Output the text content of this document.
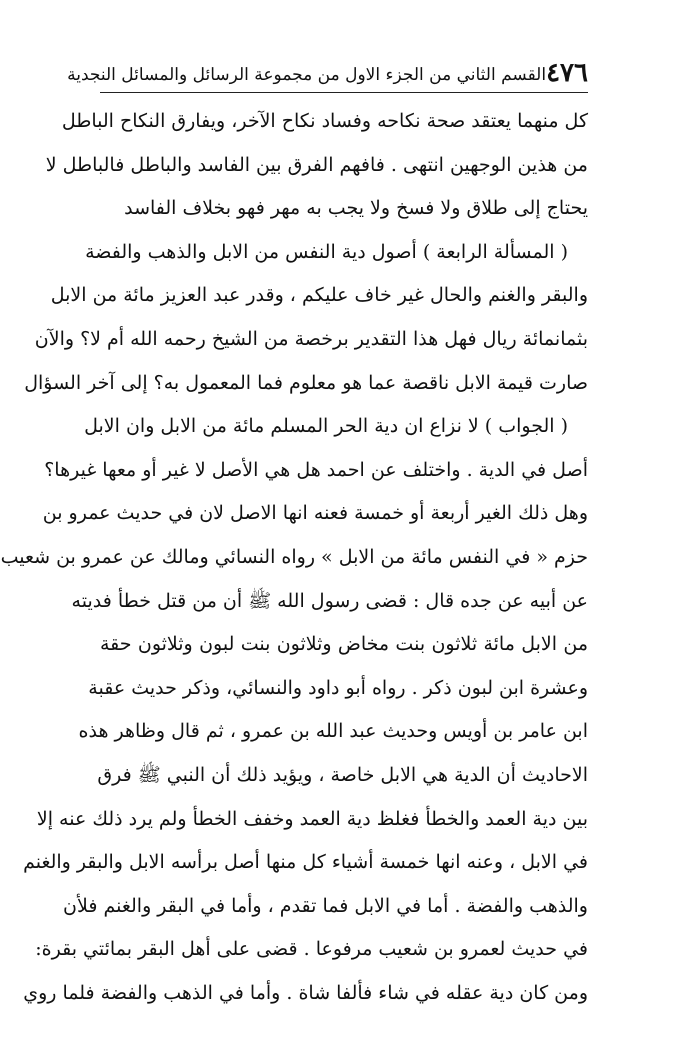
٤٧٦
القسم الثاني من الجزء الاول من مجموعة الرسائل والمسائل النجدية
كل منهما يعتقد صحة نكاحه وفساد نكاح الآخر، ويفارق النكاح الباطل
من هذين الوجهين انتهى . فافهم الفرق بين الفاسد والباطل فالباطل لا
يحتاج إلى طلاق ولا فسخ ولا يجب به مهر فهو بخلاف الفاسد
( المسألة الرابعة ) أصول دية النفس من الابل والذهب والفضة
والبقر والغنم والحال غير خاف عليكم ، وقدر عبد العزيز مائة من الابل
بثمانمائة ريال فهل هذا التقدير برخصة من الشيخ رحمه الله أم لا؟ والآن
صارت قيمة الابل ناقصة عما هو معلوم فما المعمول به؟ إلى آخر السؤال
( الجواب ) لا نزاع ان دية الحر المسلم مائة من الابل وان الابل
أصل في الدية . واختلف عن احمد هل هي الأصل لا غير أو معها غيرها؟
وهل ذلك الغير أربعة أو خمسة فعنه انها الاصل لان في حديث عمرو بن
حزم « في النفس مائة من الابل » رواه النسائي ومالك عن عمرو بن شعيب
عن أبيه عن جده قال : قضى رسول الله ﷺ أن من قتل خطأ فديته
من الابل مائة ثلاثون بنت مخاض وثلاثون بنت لبون وثلاثون حقة
وعشرة ابن لبون ذكر . رواه أبو داود والنسائي، وذكر حديث عقبة
ابن عامر بن أويس وحديث عبد الله بن عمرو ، ثم قال وظاهر هذه
الاحاديث أن الدية هي الابل خاصة ، ويؤيد ذلك أن النبي ﷺ فرق
بين دية العمد والخطأ فغلظ دية العمد وخفف الخطأ ولم يرد ذلك عنه إلا
في الابل ، وعنه انها خمسة أشياء كل منها أصل برأسه الابل والبقر والغنم
والذهب والفضة . أما في الابل فما تقدم ، وأما في البقر والغنم فلأن
في حديث لعمرو بن شعيب مرفوعا . قضى على أهل البقر بمائتي بقرة:
ومن كان دية عقله في شاء فألفا شاة . وأما في الذهب والفضة فلما روي
